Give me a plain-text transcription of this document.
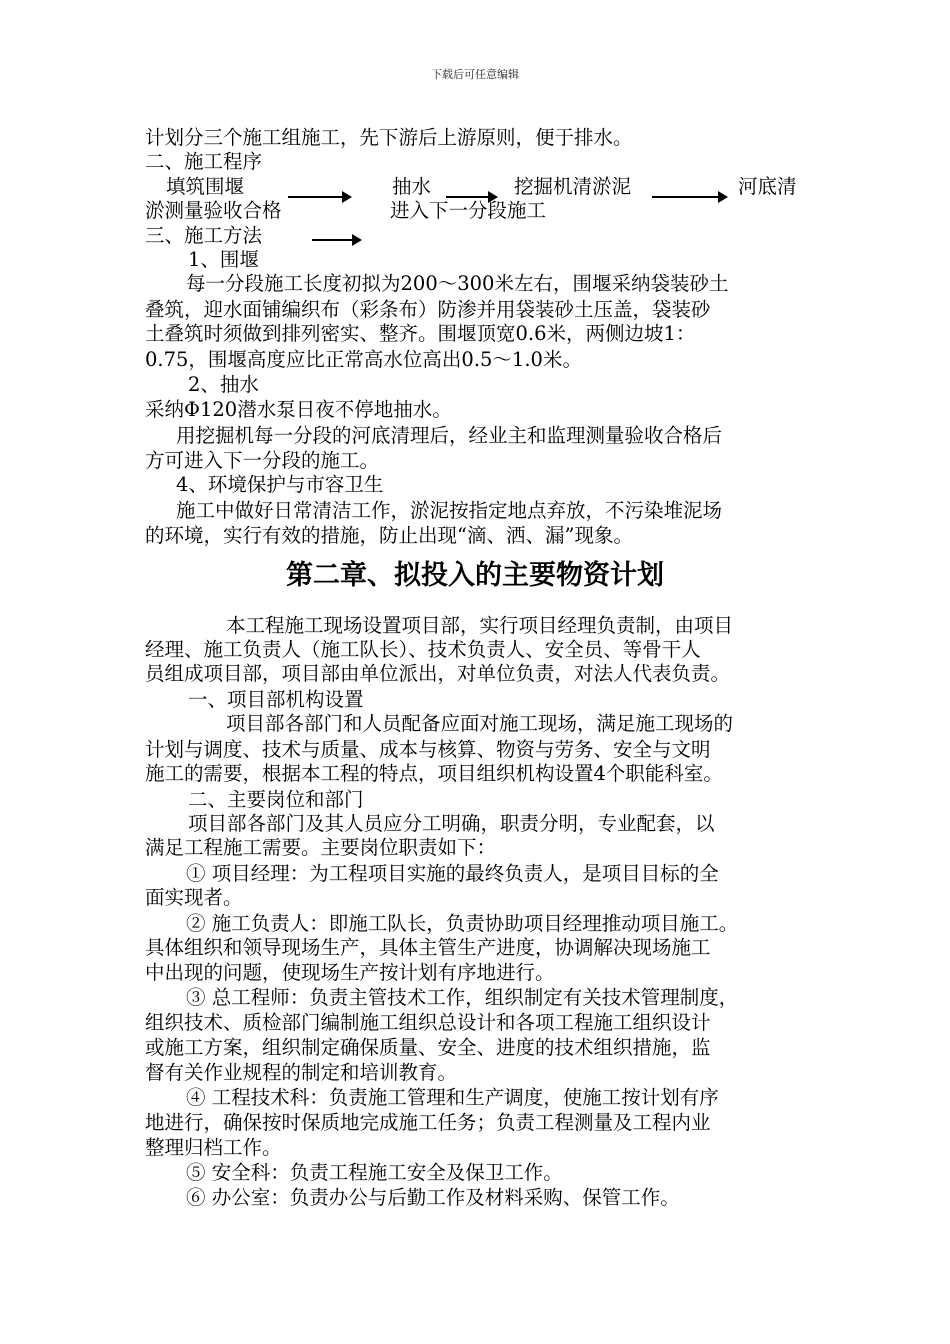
下载后可任意编辑
计划分三个施工组施工，先下游后上游原则，便于排水。
二、施工程序
填筑围堰	抽水	挖掘机清淤泥	河底清
淤测量验收合格	进入下一分段施工
三、施工方法
1、围堰
每一分段施工长度初拟为200～300米左右，围堰采纳袋装砂土
叠筑，迎水面铺编织布（彩条布）防渗并用袋装砂土压盖，袋装砂
土叠筑时须做到排列密实、整齐。围堰顶宽0.6米，两侧边坡1：
0.75，围堰高度应比正常高水位高出0.5～1.0米。
2、抽水
采纳Φ120潜水泵日夜不停地抽水。
用挖掘机每一分段的河底清理后，经业主和监理测量验收合格后
方可进入下一分段的施工。
4、环境保护与市容卫生
施工中做好日常清洁工作，淤泥按指定地点弃放，不污染堆泥场
的环境，实行有效的措施，防止出现“滴、洒、漏”现象。
第二章、拟投入的主要物资计划
本工程施工现场设置项目部，实行项目经理负责制，由项目
经理、施工负责人（施工队长）、技术负责人、安全员、等骨干人
员组成项目部，项目部由单位派出，对单位负责，对法人代表负责。
一、项目部机构设置
项目部各部门和人员配备应面对施工现场，满足施工现场的
计划与调度、技术与质量、成本与核算、物资与劳务、安全与文明
施工的需要，根据本工程的特点，项目组织机构设置4个职能科室。
二、主要岗位和部门
项目部各部门及其人员应分工明确，职责分明，专业配套，以
满足工程施工需要。主要岗位职责如下：
① 项目经理：为工程项目实施的最终负责人，是项目目标的全
面实现者。
② 施工负责人：即施工队长，负责协助项目经理推动项目施工。
具体组织和领导现场生产，具体主管生产进度，协调解决现场施工
中出现的问题，使现场生产按计划有序地进行。
③ 总工程师：负责主管技术工作，组织制定有关技术管理制度，
组织技术、质检部门编制施工组织总设计和各项工程施工组织设计
或施工方案，组织制定确保质量、安全、进度的技术组织措施，监
督有关作业规程的制定和培训教育。
④ 工程技术科：负责施工管理和生产调度，使施工按计划有序
地进行，确保按时保质地完成施工任务；负责工程测量及工程内业
整理归档工作。
⑤ 安全科：负责工程施工安全及保卫工作。
⑥ 办公室：负责办公与后勤工作及材料采购、保管工作。
